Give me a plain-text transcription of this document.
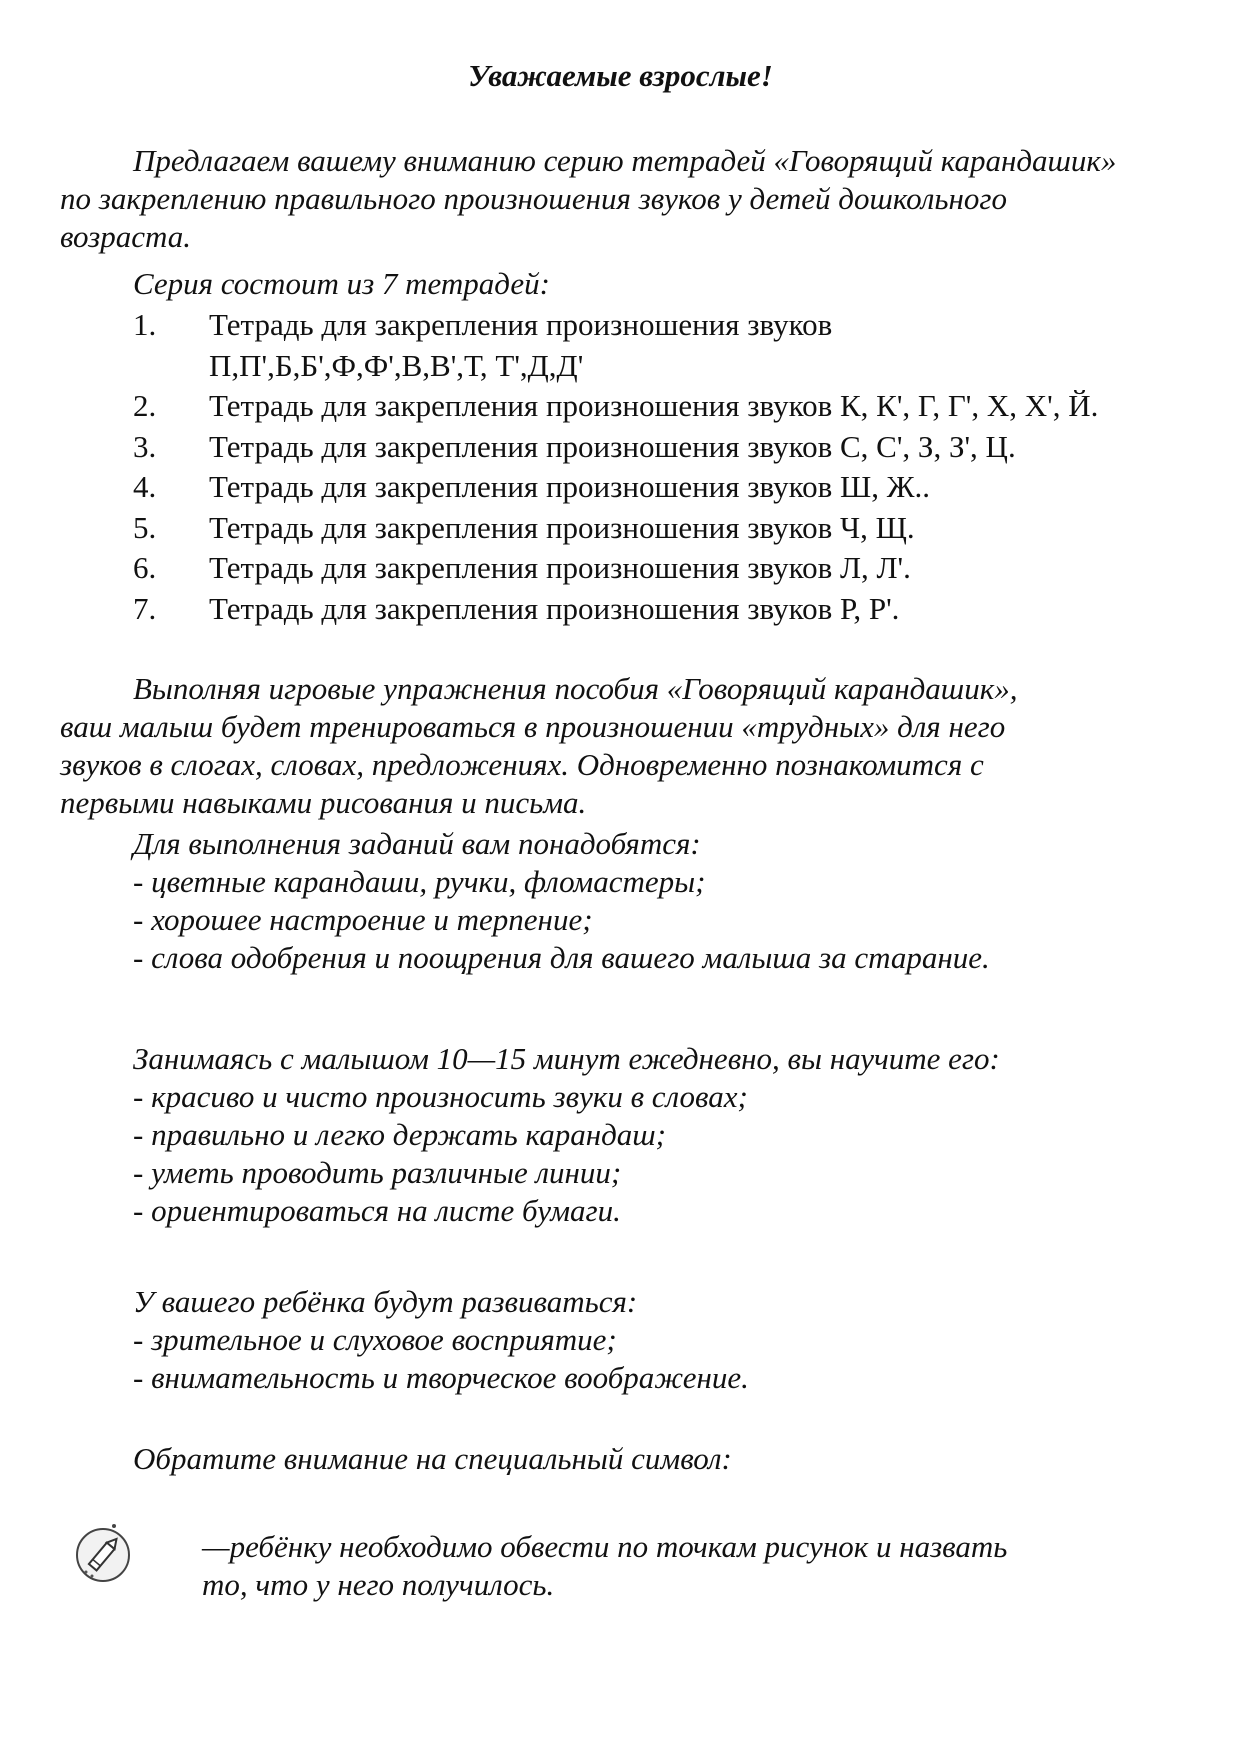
Уважаемые взрослые!
Предлагаем вашему вниманию серию тетрадей «Говорящий карандашик»
по закреплению правильного произношения звуков у детей дошкольного
возраста.
Серия состоит из 7 тетрадей:
1.	Тетрадь для закрепления произношения звуков
П,П',Б,Б',Ф,Ф',В,В',Т, Т',Д,Д'
2.	Тетрадь для закрепления произношения звуков К, К', Г, Г', Х, Х', Й.
3.	Тетрадь для закрепления произношения звуков С, С', З, З', Ц.
4.	Тетрадь для закрепления произношения звуков Ш, Ж..
5.	Тетрадь для закрепления произношения звуков Ч, Щ.
6.	Тетрадь для закрепления произношения звуков Л, Л'.
7.	Тетрадь для закрепления произношения звуков Р, Р'.
Выполняя игровые упражнения пособия «Говорящий карандашик»,
ваш малыш будет тренироваться в произношении «трудных» для него
звуков в слогах, словах, предложениях. Одновременно познакомится с
первыми навыками рисования и письма.
Для выполнения заданий вам понадобятся:
- цветные карандаши, ручки, фломастеры;
- хорошее настроение и терпение;
- слова одобрения и поощрения для вашего малыша за старание.
Занимаясь с малышом 10—15 минут ежедневно, вы научите его:
- красиво и чисто произносить звуки в словах;
- правильно и легко держать карандаш;
- уметь проводить различные линии;
- ориентироваться на листе бумаги.
У вашего ребёнка будут развиваться:
- зрительное и слуховое восприятие;
- внимательность и творческое воображение.
Обратите внимание на специальный символ:
—ребёнку необходимо обвести по точкам рисунок и назвать
то, что у него получилось.
